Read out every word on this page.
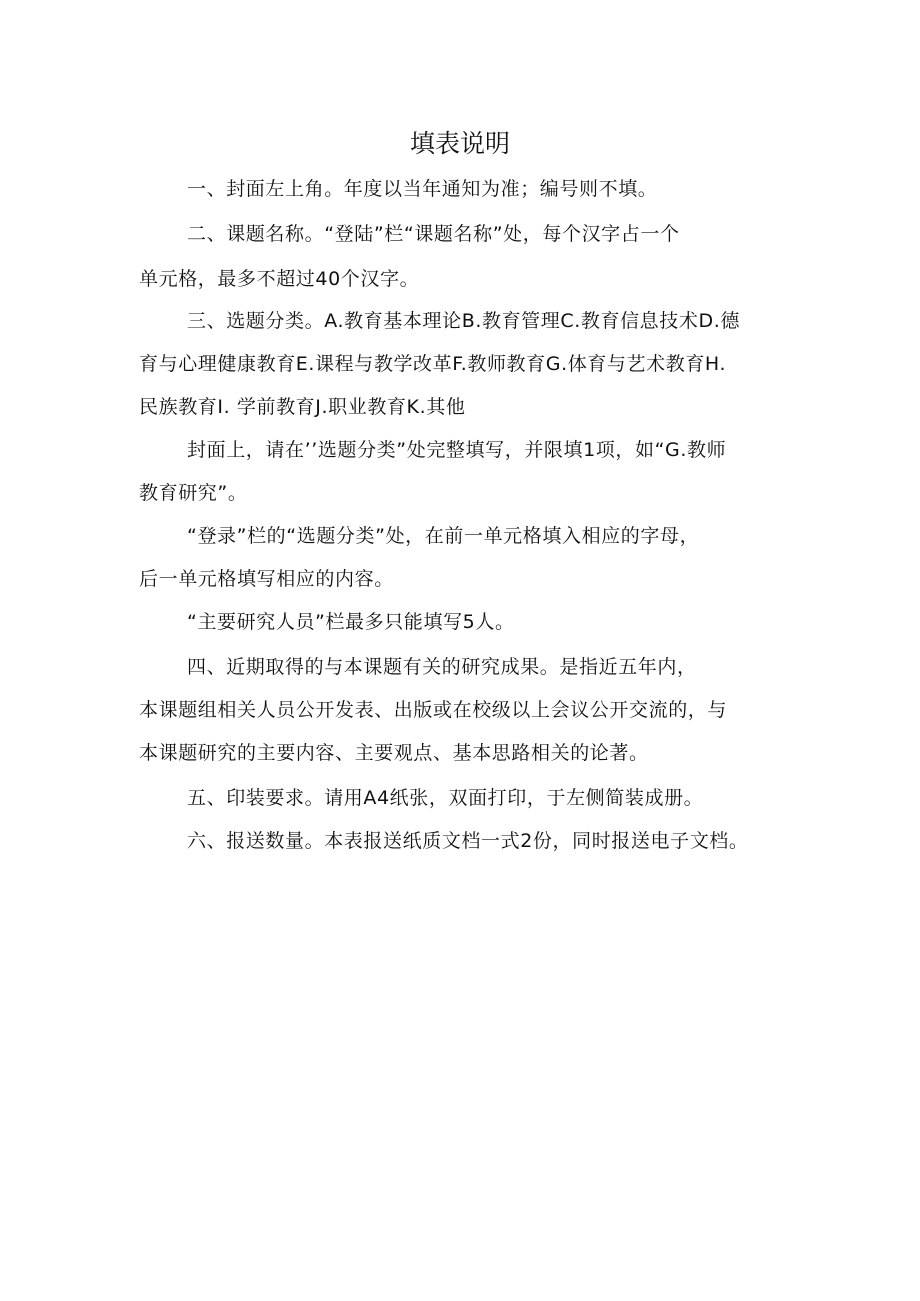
填表说明
一、封面左上角。年度以当年通知为准；编号则不填。
二、课题名称。“登陆”栏“课题名称”处，每个汉字占一个
单元格，最多不超过40个汉字。
三、选题分类。A.教育基本理论B.教育管理C.教育信息技术D.德
育与心理健康教育E.课程与教学改革F.教师教育G.体育与艺术教育H.
民族教育I. 学前教育J.职业教育K.其他
封面上，请在’’选题分类”处完整填写，并限填1项，如“G.教师
教育研究”。
“登录”栏的“选题分类”处，在前一单元格填入相应的字母，
后一单元格填写相应的内容。
“主要研究人员”栏最多只能填写5人。
四、近期取得的与本课题有关的研究成果。是指近五年内，
本课题组相关人员公开发表、出版或在校级以上会议公开交流的，与
本课题研究的主要内容、主要观点、基本思路相关的论著。
五、印装要求。请用A4纸张，双面打印，于左侧简装成册。
六、报送数量。本表报送纸质文档一式2份，同时报送电子文档。
